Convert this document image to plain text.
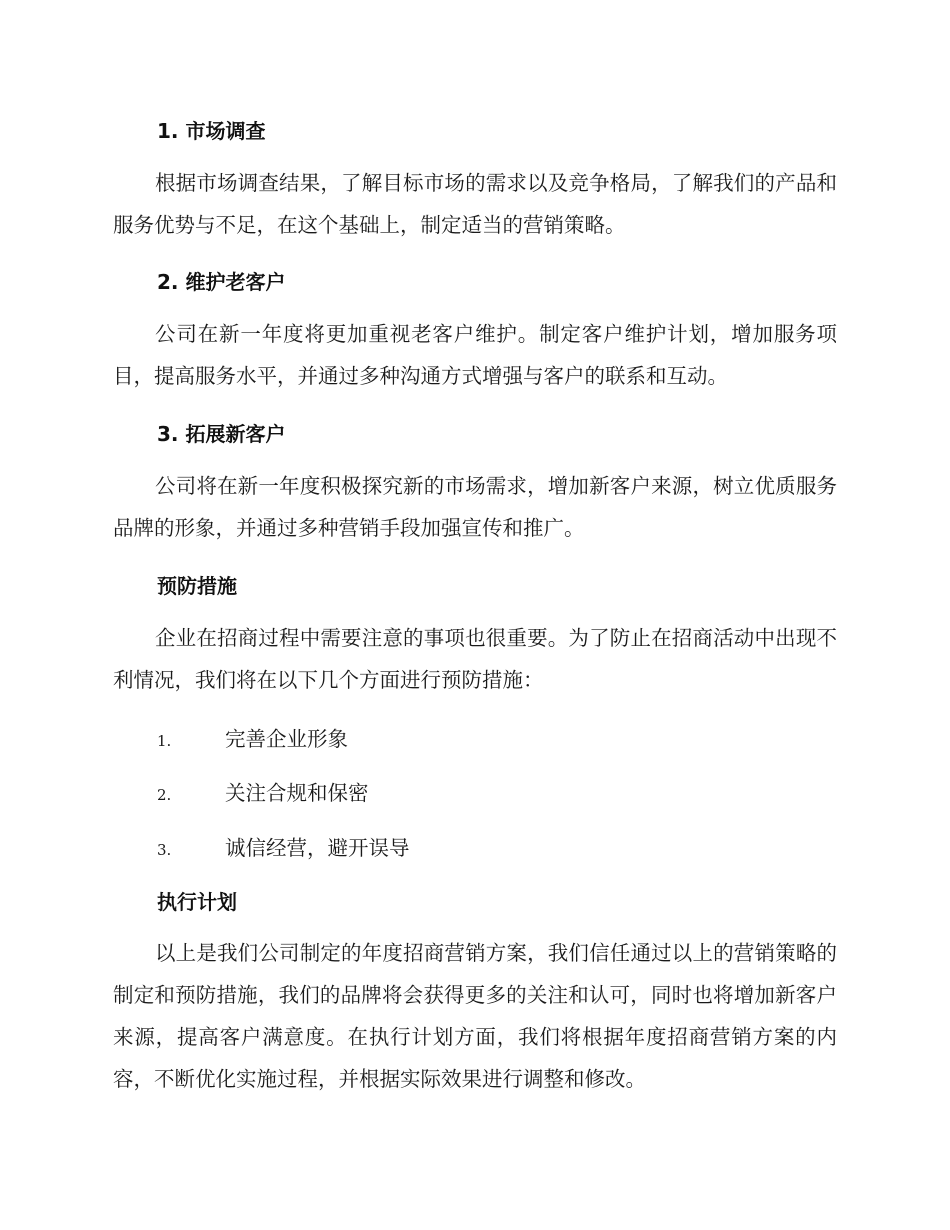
1. 市场调查

根据市场调查结果，了解目标市场的需求以及竞争格局，了解我们的产品和服务优势与不足，在这个基础上，制定适当的营销策略。

2. 维护老客户

公司在新一年度将更加重视老客户维护。制定客户维护计划，增加服务项目，提高服务水平，并通过多种沟通方式增强与客户的联系和互动。

3. 拓展新客户

公司将在新一年度积极探究新的市场需求，增加新客户来源，树立优质服务品牌的形象，并通过多种营销手段加强宣传和推广。

预防措施

企业在招商过程中需要注意的事项也很重要。为了防止在招商活动中出现不利情况，我们将在以下几个方面进行预防措施：

1.	完善企业形象
2.	关注合规和保密
3.	诚信经营，避开误导
执行计划

以上是我们公司制定的年度招商营销方案，我们信任通过以上的营销策略的制定和预防措施，我们的品牌将会获得更多的关注和认可，同时也将增加新客户来源，提高客户满意度。在执行计划方面，我们将根据年度招商营销方案的内容，不断优化实施过程，并根据实际效果进行调整和修改。
